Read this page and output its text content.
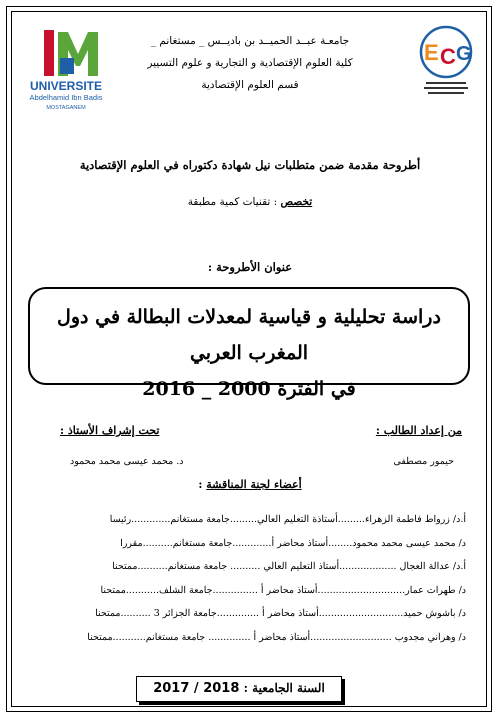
UNIVERSITE
Abdelhamid Ibn Badis
MOSTAGANEM
E C G
جامعـة عبــد الحميــد بن باديــس _ مستغانم _
كلية العلوم الإقتصادية و التجارية و علوم التسيير
قسم العلوم الإقتصادية
أطروحة مقدمة ضمن متطلبات نيل شهادة دكتوراه في العلوم الإقتصادية
تخصص : تقنيات كمية مطبقة
عنوان الأطروحة :
دراسة تحليلية و قياسية لمعدلات البطالة في دول المغرب العربي
في الفترة 2000 _ 2016
من إعداد الطالب :
تحت إشراف الأستاذ :
حيمور مصطفى
د. محمد عيسى محمد محمود
أعضاء لجنة المناقشة :
أ.د/ زرواط فاطمة الزهراء.........أستاذة التعليم العالي.........جامعة مستغانم.............رئيسا
د/ محمد عيسى محمد محمود........أستاذ محاضر أ.............جامعة مستغانم..........مقررا
أ.د/ عدالة العجال ...................أستاذ التعليم العالي .......... جامعة مستغانم..........ممتحنا
د/ طهرات عمار.............................أستاذ محاضر أ ...............جامعة الشلف...........ممتحنا
د/ باشوش حميد............................أستاذ محاضر أ ..............جامعة الجزائر 3 ..........ممتحنا
د/ وهراني مجدوب ...........................أستاذ محاضر أ .............. جامعة مستغانم...........ممتحنا
السنة الجامعية : 2018 / 2017
